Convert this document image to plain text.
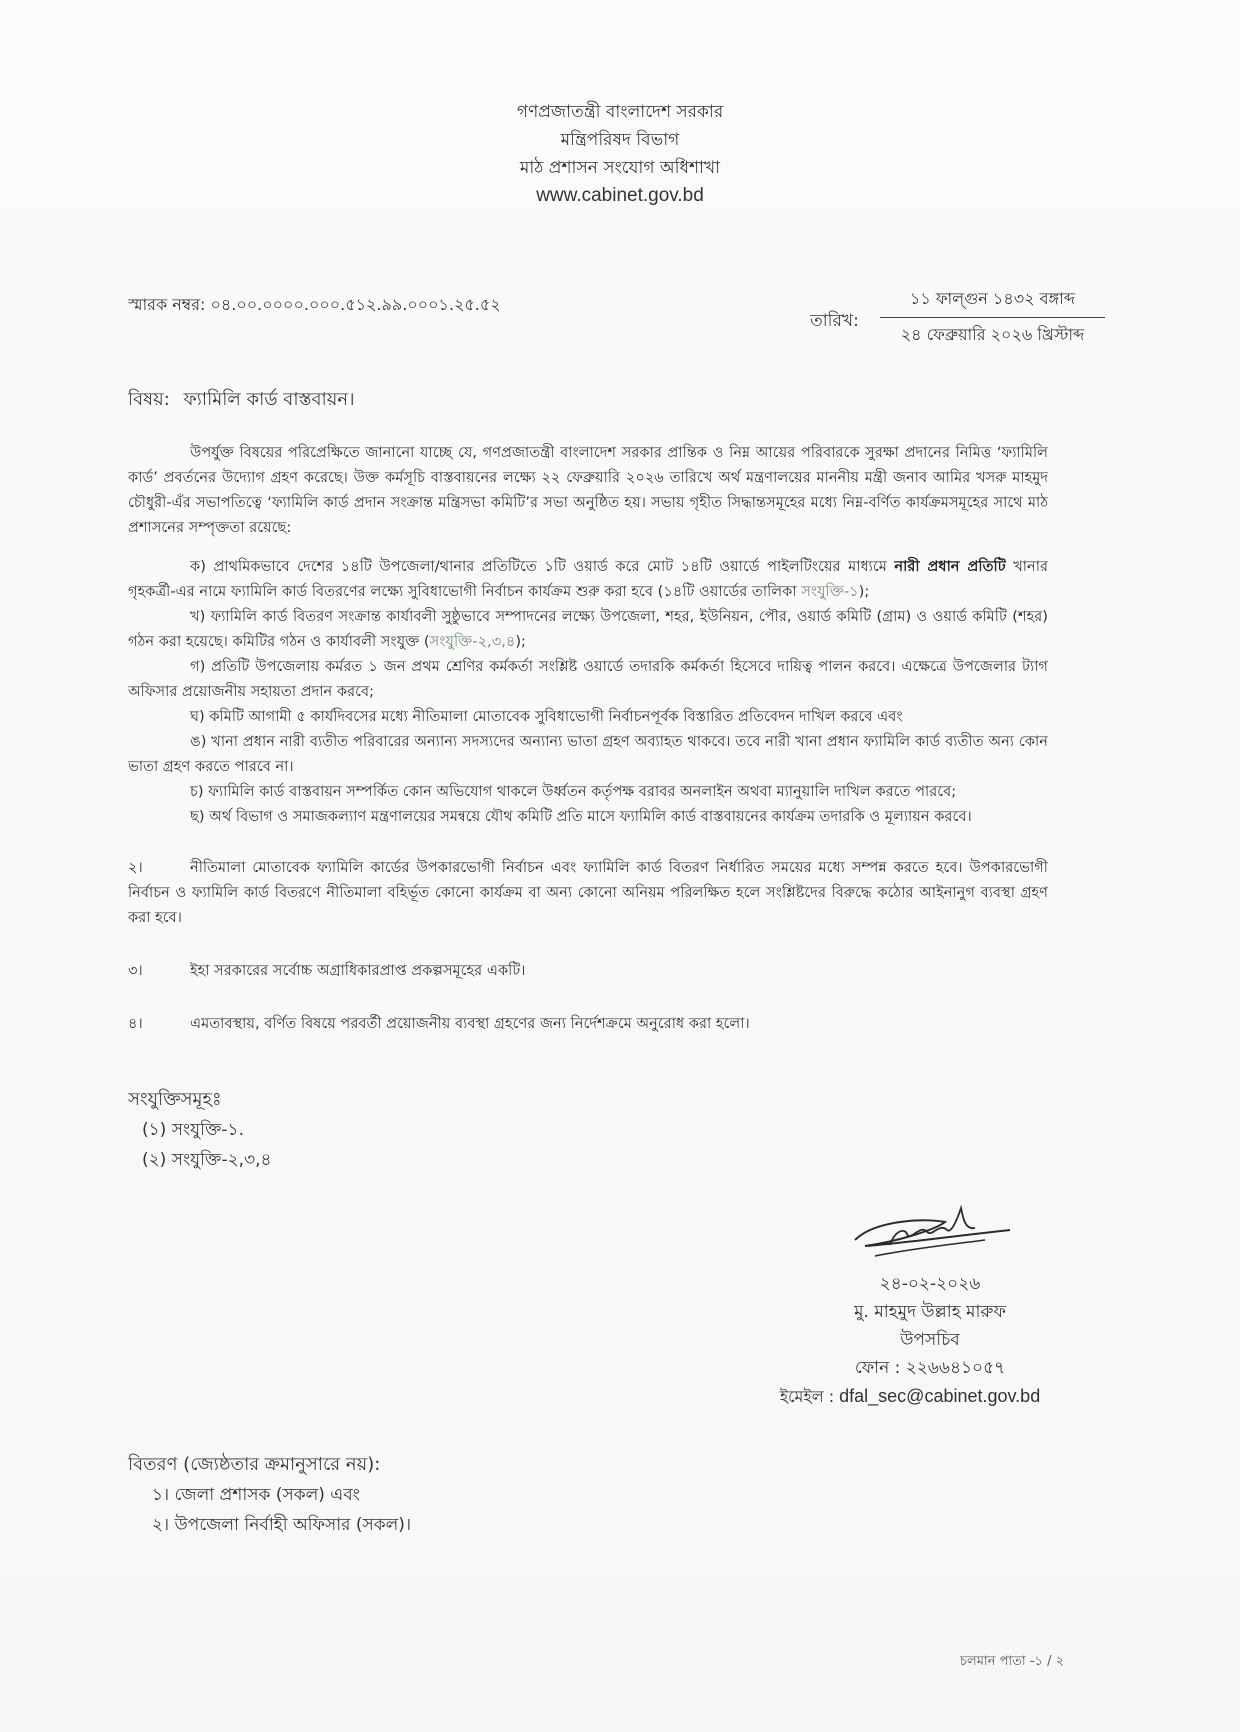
গণপ্রজাতন্ত্রী বাংলাদেশ সরকার
মন্ত্রিপরিষদ বিভাগ
মাঠ প্রশাসন সংযোগ অধিশাখা
www.cabinet.gov.bd
স্মারক নম্বর: ০৪.০০.০০০০.০০০.৫১২.৯৯.০০০১.২৫.৫২
তারিখ:
১১ ফাল্গুন ১৪৩২ বঙ্গাব্দ
২৪ ফেব্রুয়ারি ২০২৬ খ্রিস্টাব্দ
বিষয়: ফ্যামিলি কার্ড বাস্তবায়ন।

উপর্যুক্ত বিষয়ের পরিপ্রেক্ষিতে জানানো যাচ্ছে যে, গণপ্রজাতন্ত্রী বাংলাদেশ সরকার প্রান্তিক ও নিম্ন আয়ের পরিবারকে সুরক্ষা প্রদানের নিমিত্ত ‘ফ্যামিলি কার্ড’ প্রবর্তনের উদ্যোগ গ্রহণ করেছে। উক্ত কর্মসূচি বাস্তবায়নের লক্ষ্যে ২২ ফেব্রুয়ারি ২০২৬ তারিখে অর্থ মন্ত্রণালয়ের মাননীয় মন্ত্রী জনাব আমির খসরু মাহমুদ চৌধুরী-এঁর সভাপতিত্বে ‘ফ্যামিলি কার্ড প্রদান সংক্রান্ত মন্ত্রিসভা কমিটি’র সভা অনুষ্ঠিত হয়। সভায় গৃহীত সিদ্ধান্তসমূহের মধ্যে নিম্ন-বর্ণিত কার্যক্রমসমূহের সাথে মাঠ প্রশাসনের সম্পৃক্ততা রয়েছে:

ক) প্রাথমিকভাবে দেশের ১৪টি উপজেলা/থানার প্রতিটিতে ১টি ওয়ার্ড করে মোট ১৪টি ওয়ার্ডে পাইলটিংয়ের মাধ্যমে নারী প্রধান প্রতিটি খানার গৃহকর্ত্রী-এর নামে ফ্যামিলি কার্ড বিতরণের লক্ষ্যে সুবিধাভোগী নির্বাচন কার্যক্রম শুরু করা হবে (১৪টি ওয়ার্ডের তালিকা সংযুক্তি-১);

খ) ফ্যামিলি কার্ড বিতরণ সংক্রান্ত কার্যাবলী সুষ্ঠুভাবে সম্পাদনের লক্ষ্যে উপজেলা, শহর, ইউনিয়ন, পৌর, ওয়ার্ড কমিটি (গ্রাম) ও ওয়ার্ড কমিটি (শহর) গঠন করা হয়েছে। কমিটির গঠন ও কার্যাবলী সংযুক্ত (সংযুক্তি-২,৩,৪);

গ) প্রতিটি উপজেলায় কর্মরত ১ জন প্রথম শ্রেণির কর্মকর্তা সংশ্লিষ্ট ওয়ার্ডে তদারকি কর্মকর্তা হিসেবে দায়িত্ব পালন করবে। এক্ষেত্রে উপজেলার ট্যাগ অফিসার প্রয়োজনীয় সহায়তা প্রদান করবে;

ঘ) কমিটি আগামী ৫ কার্যদিবসের মধ্যে নীতিমালা মোতাবেক সুবিধাভোগী নির্বাচনপূর্বক বিস্তারিত প্রতিবেদন দাখিল করবে এবং

ঙ) খানা প্রধান নারী ব্যতীত পরিবারের অন্যান্য সদস্যদের অন্যান্য ভাতা গ্রহণ অব্যাহত থাকবে। তবে নারী খানা প্রধান ফ্যামিলি কার্ড ব্যতীত অন্য কোন ভাতা গ্রহণ করতে পারবে না।

চ) ফ্যামিলি কার্ড বাস্তবায়ন সম্পর্কিত কোন অভিযোগ থাকলে উর্ধ্বতন কর্তৃপক্ষ বরাবর অনলাইন অথবা ম্যানুয়ালি দাখিল করতে পারবে;

ছ) অর্থ বিভাগ ও সমাজকল্যাণ মন্ত্রণালয়ের সমন্বয়ে যৌথ কমিটি প্রতি মাসে ফ্যামিলি কার্ড বাস্তবায়নের কার্যক্রম তদারকি ও মূল্যায়ন করবে।

২।	নীতিমালা মোতাবেক ফ্যামিলি কার্ডের উপকারভোগী নির্বাচন এবং ফ্যামিলি কার্ড বিতরণ নির্ধারিত সময়ের মধ্যে সম্পন্ন করতে হবে। উপকারভোগী নির্বাচন ও ফ্যামিলি কার্ড বিতরণে নীতিমালা বহির্ভূত কোনো কার্যক্রম বা অন্য কোনো অনিয়ম পরিলক্ষিত হলে সংশ্লিষ্টদের বিরুদ্ধে কঠোর আইনানুগ ব্যবস্থা গ্রহণ করা হবে।

৩।	ইহা সরকারের সর্বোচ্চ অগ্রাধিকারপ্রাপ্ত প্রকল্পসমূহের একটি।

৪।	এমতাবস্থায়, বর্ণিত বিষয়ে পরবর্তী প্রয়োজনীয় ব্যবস্থা গ্রহণের জন্য নির্দেশক্রমে অনুরোধ করা হলো।

সংযুক্তিসমূহঃ
(১) সংযুক্তি-১.
(২) সংযুক্তি-২,৩,৪
২৪-০২-২০২৬
মু. মাহমুদ উল্লাহ মারুফ
উপসচিব
ফোন : ২২৬৬৪১০৫৭
ইমেইল : dfal_sec@cabinet.gov.bd
বিতরণ (জ্যেষ্ঠতার ক্রমানুসারে নয়):
১। জেলা প্রশাসক (সকল) এবং
২। উপজেলা নির্বাহী অফিসার (সকল)।
চলমান পাতা -১ / ২
